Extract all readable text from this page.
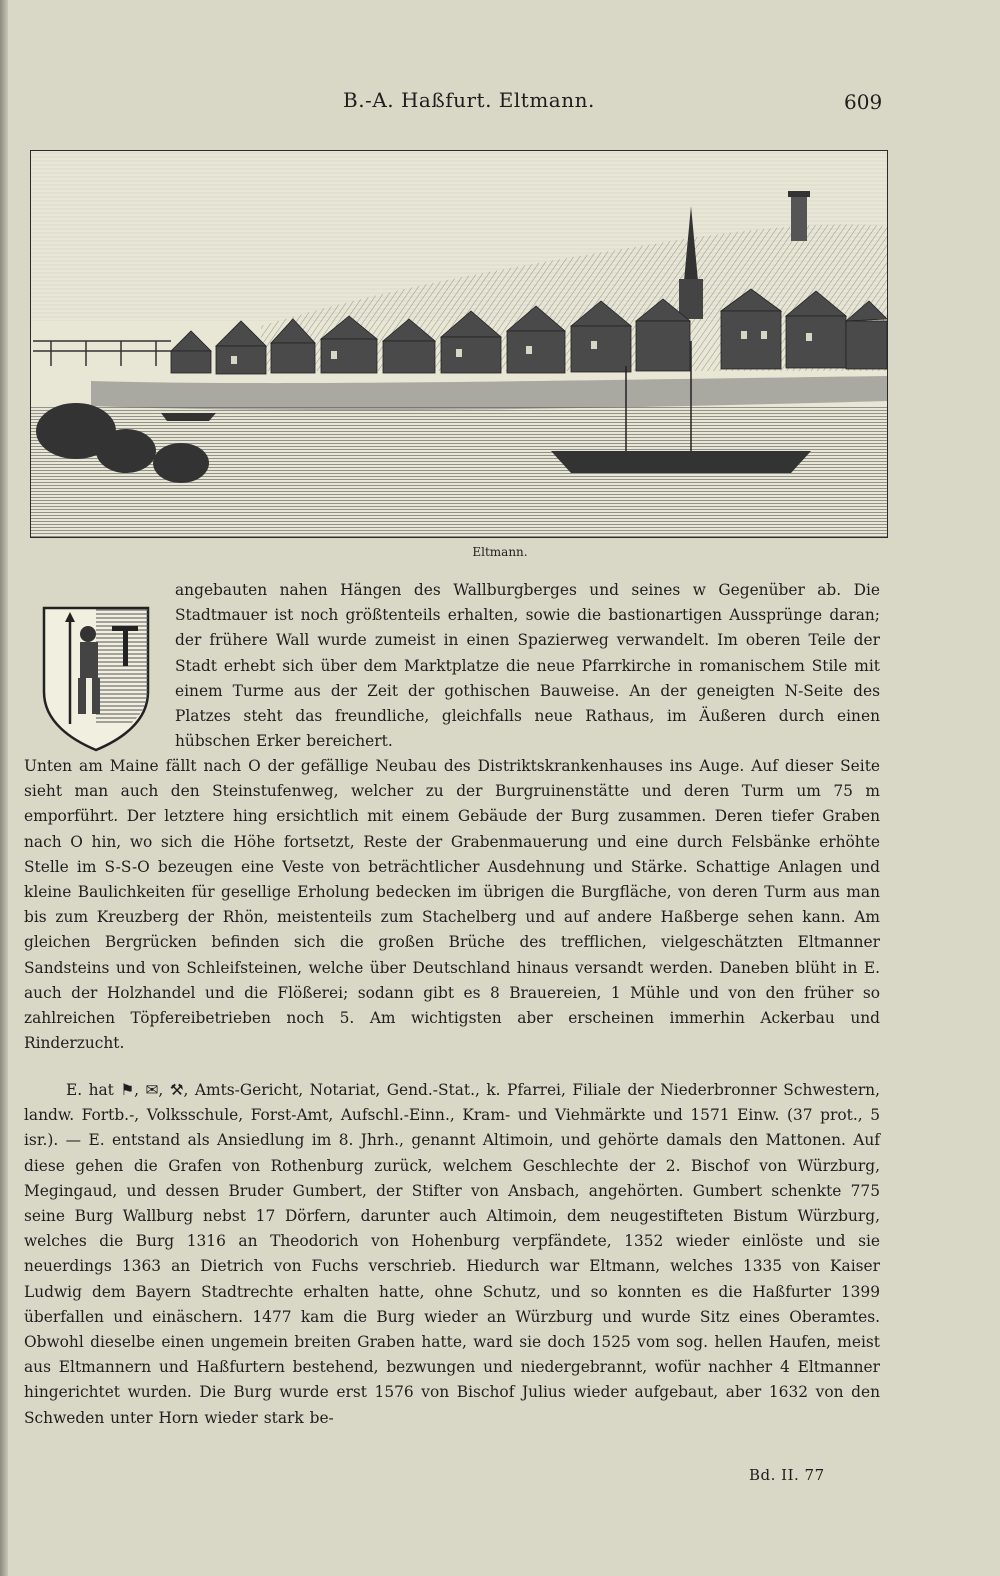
B.-A. Haßfurt. Eltmann.	609
Eltmann.
angebauten nahen Hängen des Wallburgberges und seines w Gegenüber ab. Die Stadtmauer ist noch größtenteils erhalten, sowie die bastionartigen Aussprünge daran; der frühere Wall wurde zumeist in einen Spazierweg verwandelt. Im oberen Teile der Stadt erhebt sich über dem Marktplatze die neue Pfarrkirche in romanischem Stile mit einem Turme aus der Zeit der gothischen Bauweise. An der geneigten N-Seite des Platzes steht das freundliche, gleichfalls neue Rathaus, im Äußeren durch einen hübschen Erker bereichert.
Unten am Maine fällt nach O der gefällige Neubau des Distriktskrankenhauses ins Auge. Auf dieser Seite sieht man auch den Steinstufenweg, welcher zu der Burgruinenstätte und deren Turm um 75 m emporführt. Der letztere hing ersichtlich mit einem Gebäude der Burg zusammen. Deren tiefer Graben nach O hin, wo sich die Höhe fortsetzt, Reste der Grabenmauerung und eine durch Felsbänke erhöhte Stelle im S-S-O bezeugen eine Veste von beträchtlicher Ausdehnung und Stärke. Schattige Anlagen und kleine Baulichkeiten für gesellige Erholung bedecken im übrigen die Burgfläche, von deren Turm aus man bis zum Kreuzberg der Rhön, meistenteils zum Stachelberg und auf andere Haßberge sehen kann. Am gleichen Bergrücken befinden sich die großen Brüche des trefflichen, vielgeschätzten Eltmanner Sandsteins und von Schleifsteinen, welche über Deutschland hinaus versandt werden. Daneben blüht in E. auch der Holzhandel und die Flößerei; sodann gibt es 8 Brauereien, 1 Mühle und von den früher so zahlreichen Töpfereibetrieben noch 5. Am wichtigsten aber erscheinen immerhin Ackerbau und Rinderzucht.

E. hat ⚑, ✉, ⚒, Amts-Gericht, Notariat, Gend.-Stat., k. Pfarrei, Filiale der Niederbronner Schwestern, landw. Fortb.-, Volksschule, Forst-Amt, Aufschl.-Einn., Kram- und Viehmärkte und 1571 Einw. (37 prot., 5 isr.). — E. entstand als Ansiedlung im 8. Jhrh., genannt Altimoin, und gehörte damals den Mattonen. Auf diese gehen die Grafen von Rothenburg zurück, welchem Geschlechte der 2. Bischof von Würzburg, Megingaud, und dessen Bruder Gumbert, der Stifter von Ansbach, angehörten. Gumbert schenkte 775 seine Burg Wallburg nebst 17 Dörfern, darunter auch Altimoin, dem neugestifteten Bistum Würzburg, welches die Burg 1316 an Theodorich von Hohenburg verpfändete, 1352 wieder einlöste und sie neuerdings 1363 an Dietrich von Fuchs verschrieb. Hiedurch war Eltmann, welches 1335 von Kaiser Ludwig dem Bayern Stadtrechte erhalten hatte, ohne Schutz, und so konnten es die Haßfurter 1399 überfallen und einäschern. 1477 kam die Burg wieder an Würzburg und wurde Sitz eines Oberamtes. Obwohl dieselbe einen ungemein breiten Graben hatte, ward sie doch 1525 vom sog. hellen Haufen, meist aus Eltmannern und Haßfurtern bestehend, bezwungen und niedergebrannt, wofür nachher 4 Eltmanner hingerichtet wurden. Die Burg wurde erst 1576 von Bischof Julius wieder aufgebaut, aber 1632 von den Schweden unter Horn wieder stark be-

Bd. II. 77
